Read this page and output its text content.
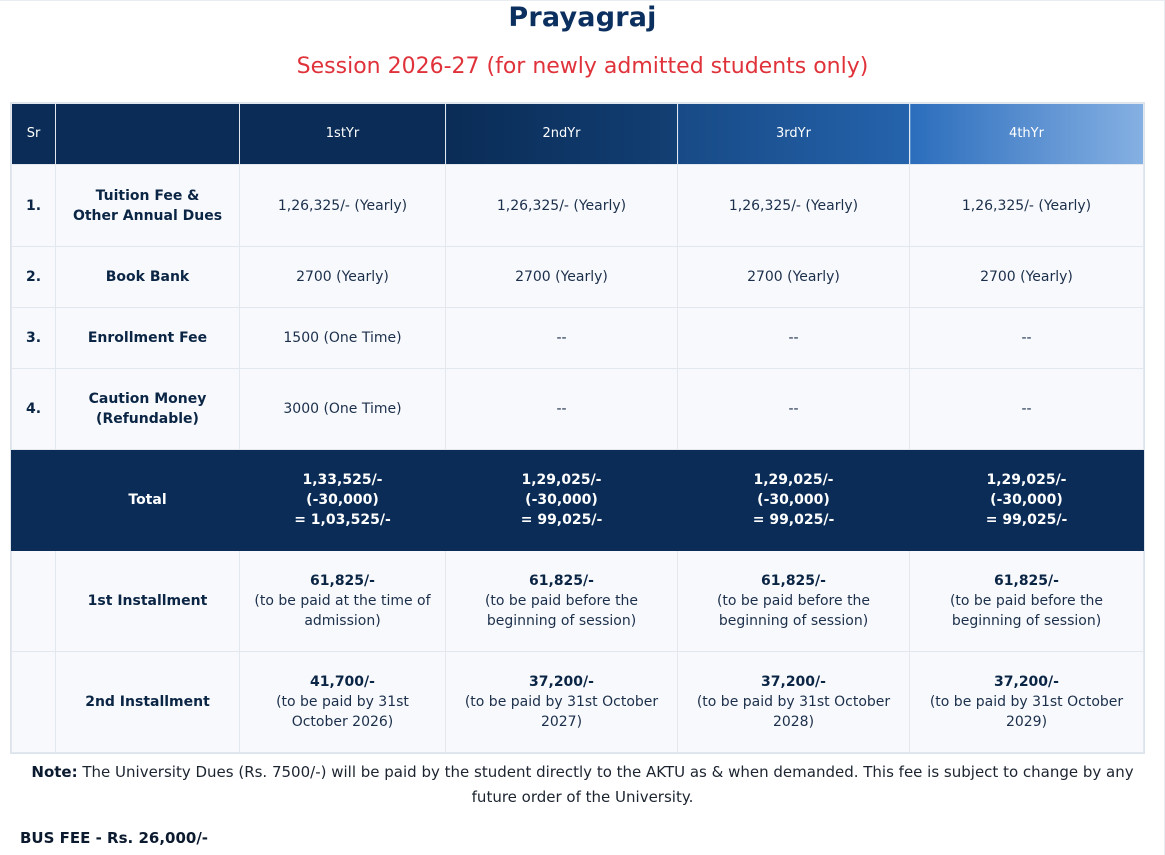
Prayagraj
Session 2026-27 (for newly admitted students only)
Sr		1stYr	2ndYr	3rdYr	4thYr
1.	Tuition Fee &
Other Annual Dues	1,26,325/- (Yearly)	1,26,325/- (Yearly)	1,26,325/- (Yearly)	1,26,325/- (Yearly)
2.	Book Bank	2700 (Yearly)	2700 (Yearly)	2700 (Yearly)	2700 (Yearly)
3.	Enrollment Fee	1500 (One Time)	--	--	--
4.	Caution Money
(Refundable)	3000 (One Time)	--	--	--
	Total	1,33,525/-
(-30,000)
= 1,03,525/-	1,29,025/-
(-30,000)
= 99,025/-	1,29,025/-
(-30,000)
= 99,025/-	1,29,025/-
(-30,000)
= 99,025/-

	1st Installment	61,825/-
(to be paid at the time of
admission)	61,825/-
(to be paid before the
beginning of session)	61,825/-
(to be paid before the
beginning of session)	61,825/-
(to be paid before the
beginning of session)

	2nd Installment	41,700/-
(to be paid by 31st
October 2026)	37,200/-
(to be paid by 31st October
2027)	37,200/-
(to be paid by 31st October
2028)	37,200/-
(to be paid by 31st October
2029)
Note: The University Dues (Rs. 7500/-) will be paid by the student directly to the AKTU as & when demanded. This fee is subject to change by any future order of the University.
BUS FEE - Rs. 26,000/-
